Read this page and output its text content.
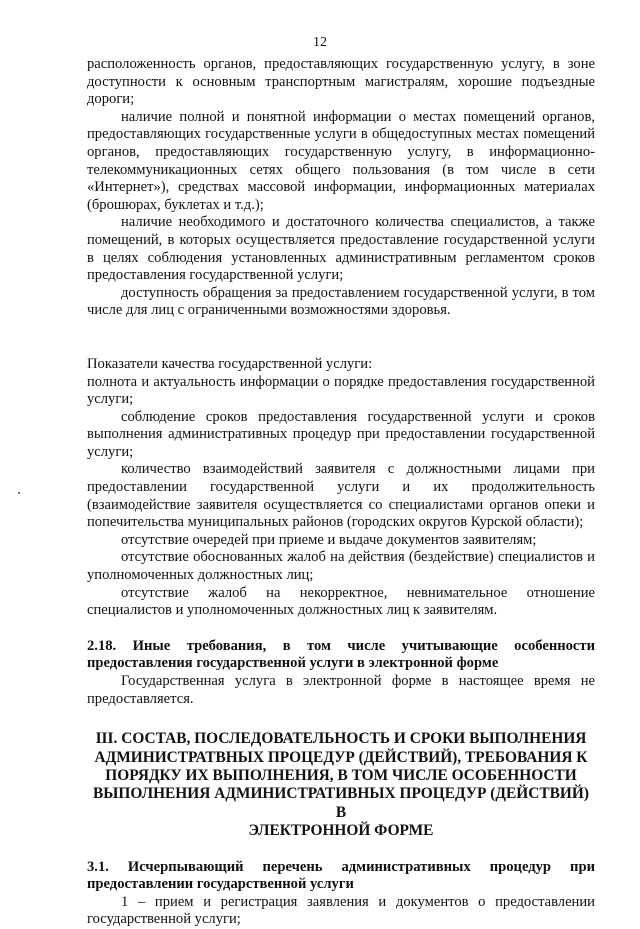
12

расположенность органов, предоставляющих государственную услугу, в зоне доступности к основным транспортным магистралям, хорошие подъездные дороги;

наличие полной и понятной информации о местах помещений органов, предоставляющих государственные услуги в общедоступных местах помещений органов, предоставляющих государственную услугу, в информационно-телекоммуникационных сетях общего пользования (в том числе в сети «Интернет»), средствах массовой информации, информационных материалах (брошюрах, буклетах и т.д.);

наличие необходимого и достаточного количества специалистов, а также помещений, в которых осуществляется предоставление государственной услуги в целях соблюдения установленных административным регламентом сроков предоставления государственной услуги;

доступность обращения за предоставлением государственной услуги, в том числе для лиц с ограниченными возможностями здоровья.

Показатели качества государственной услуги:

полнота и актуальность информации о порядке предоставления государственной услуги;

соблюдение сроков предоставления государственной услуги и сроков выполнения административных процедур при предоставлении государственной услуги;

количество взаимодействий заявителя с должностными лицами при предоставлении государственной услуги и их продолжительность (взаимодействие заявителя осуществляется со специалистами органов опеки и попечительства муниципальных районов (городских округов Курской области);

отсутствие очередей при приеме и выдаче документов заявителям;

отсутствие обоснованных жалоб на действия (бездействие) специалистов и уполномоченных должностных лиц;

отсутствие жалоб на некорректное, невнимательное отношение специалистов и уполномоченных должностных лиц к заявителям.

2.18. Иные требования, в том числе учитывающие особенности предоставления государственной услуги в электронной форме

Государственная услуга в электронной форме в настоящее время не предоставляется.

III. СОСТАВ, ПОСЛЕДОВАТЕЛЬНОСТЬ И СРОКИ ВЫПОЛНЕНИЯ
АДМИНИСТРАТВНЫХ ПРОЦЕДУР (ДЕЙСТВИЙ), ТРЕБОВАНИЯ К
ПОРЯДКУ ИХ ВЫПОЛНЕНИЯ, В ТОМ ЧИСЛЕ ОСОБЕННОСТИ
ВЫПОЛНЕНИЯ АДМИНИСТРАТИВНЫХ ПРОЦЕДУР (ДЕЙСТВИЙ) В
ЭЛЕКТРОННОЙ ФОРМЕ

3.1. Исчерпывающий перечень административных процедур при предоставлении государственной услуги

1 – прием и регистрация заявления и документов о предоставлении государственной услуги;
